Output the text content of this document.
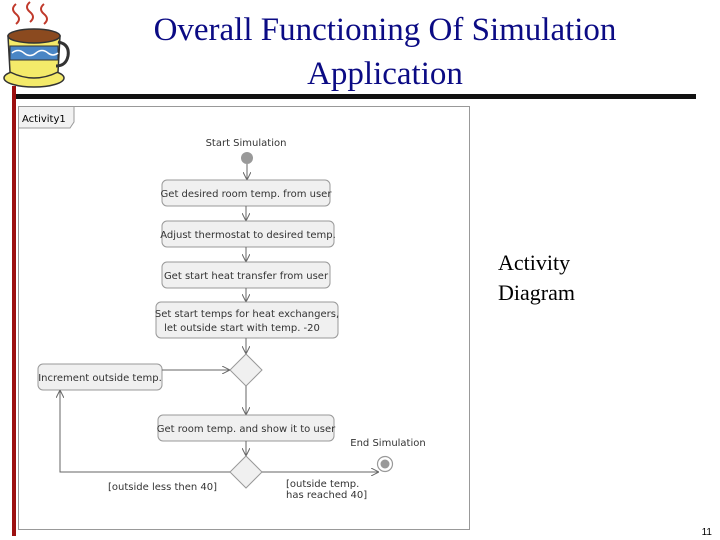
Overall Functioning Of Simulation Application
Activity1
Start Simulation
Get desired room temp. from user
Adjust thermostat to desired temp.
Get start heat transfer from user
Set start temps for heat exchangers,
let outside start with temp. -20
Increment outside temp.
Get room temp. and show it to user
[outside less then 40]	[outside temp.
has reached 40]
End Simulation
Activity
Diagram
11
